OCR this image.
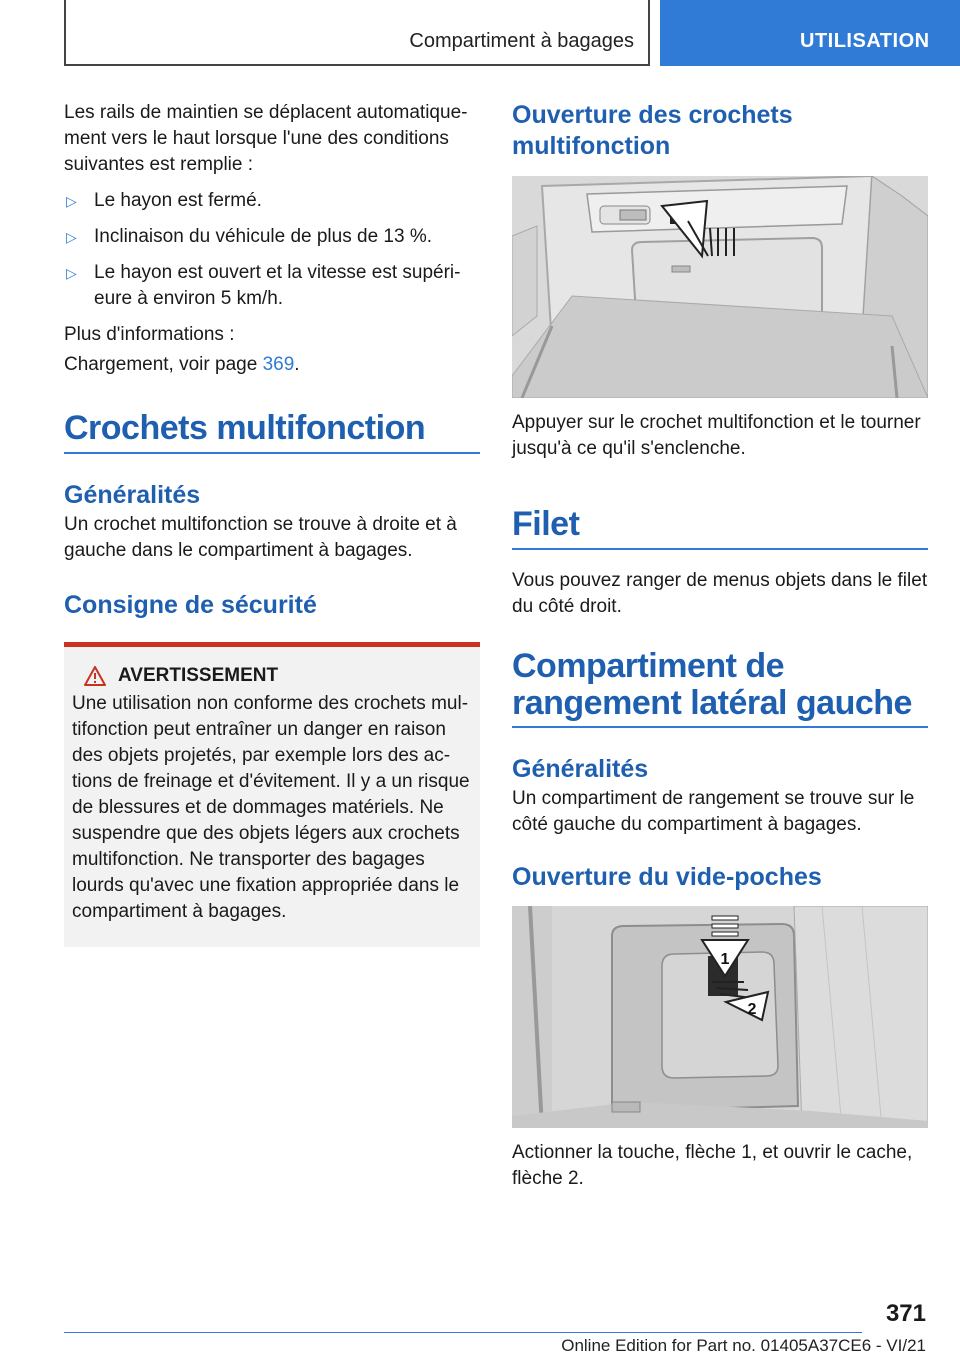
Compartiment à bagages	UTILISATION

Les rails de maintien se déplacent automatique-ment vers le haut lorsque l'une des conditions suivantes est remplie :

▷ Le hayon est fermé.
▷ Inclinaison du véhicule de plus de 13 %.
▷ Le hayon est ouvert et la vitesse est supéri-eure à environ 5 km/h.

Plus d'informations :

Chargement, voir page 369.

Crochets multifonction
Généralités

Un crochet multifonction se trouve à droite et à gauche dans le compartiment à bagages.

Consigne de sécurité
AVERTISSEMENT

Une utilisation non conforme des crochets mul-tifonction peut entraîner un danger en raison des objets projetés, par exemple lors des ac-tions de freinage et d'évitement. Il y a un risque de blessures et de dommages matériels. Ne suspendre que des objets légers aux crochets multifonction. Ne transporter des bagages lourds qu'avec une fixation appropriée dans le compartiment à bagages.

Ouverture des crochets multifonction

Appuyer sur le crochet multifonction et le tourner jusqu'à ce qu'il s'enclenche.

Filet

Vous pouvez ranger de menus objets dans le filet du côté droit.

Compartiment de rangement latéral gauche
Généralités

Un compartiment de rangement se trouve sur le côté gauche du compartiment à bagages.

Ouverture du vide-poches
1
2

Actionner la touche, flèche 1, et ouvrir le cache, flèche 2.

371
Online Edition for Part no. 01405A37CE6 - VI/21
